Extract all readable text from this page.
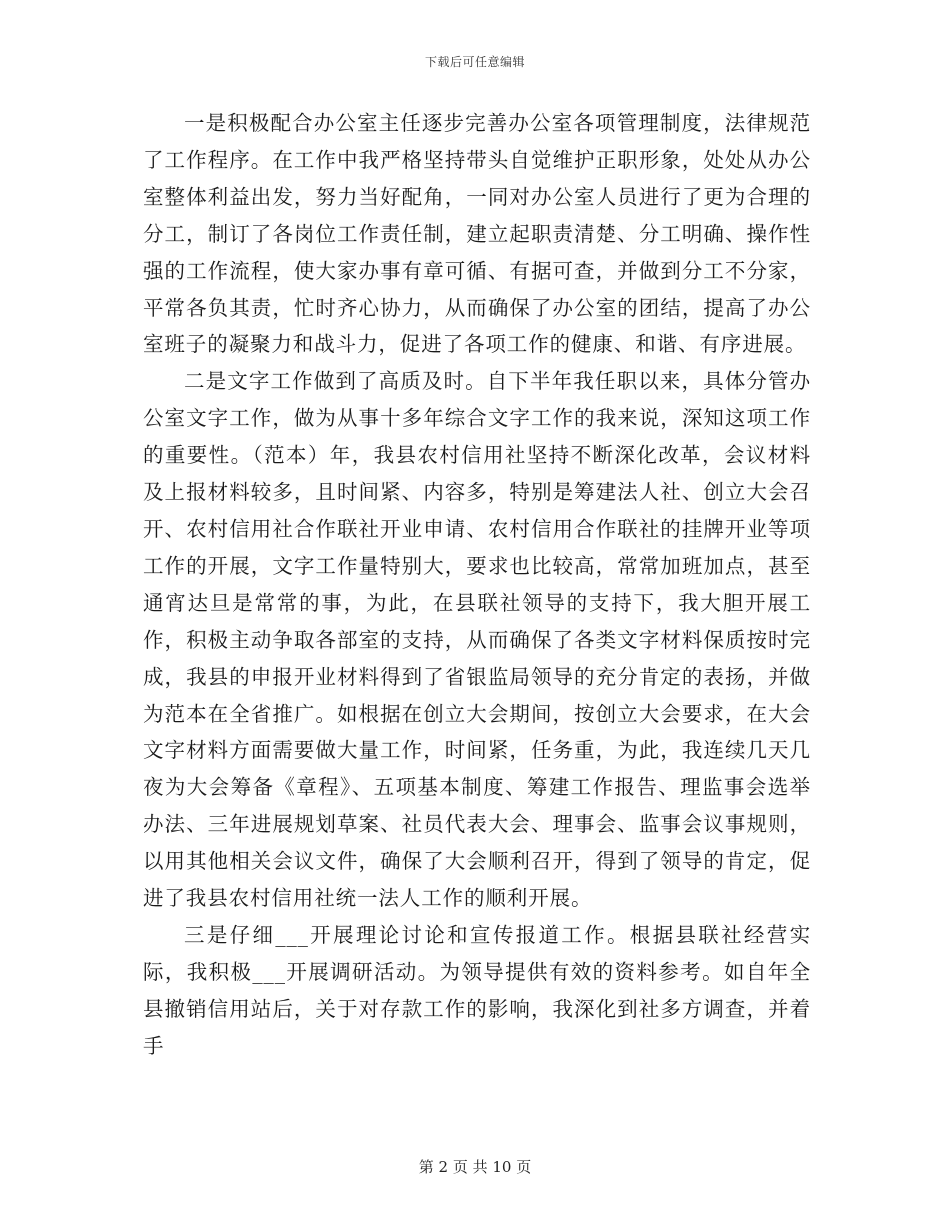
下载后可任意编辑

一是积极配合办公室主任逐步完善办公室各项管理制度，法律规范了工作程序。在工作中我严格坚持带头自觉维护正职形象，处处从办公室整体利益出发，努力当好配角，一同对办公室人员进行了更为合理的分工，制订了各岗位工作责任制，建立起职责清楚、分工明确、操作性强的工作流程，使大家办事有章可循、有据可查，并做到分工不分家，平常各负其责，忙时齐心协力，从而确保了办公室的团结，提高了办公室班子的凝聚力和战斗力，促进了各项工作的健康、和谐、有序进展。

二是文字工作做到了高质及时。自下半年我任职以来，具体分管办公室文字工作，做为从事十多年综合文字工作的我来说，深知这项工作的重要性。（范本）年，我县农村信用社坚持不断深化改革，会议材料及上报材料较多，且时间紧、内容多，特别是筹建法人社、创立大会召开、农村信用社合作联社开业申请、农村信用合作联社的挂牌开业等项工作的开展，文字工作量特别大，要求也比较高，常常加班加点，甚至通宵达旦是常常的事，为此，在县联社领导的支持下，我大胆开展工作，积极主动争取各部室的支持，从而确保了各类文字材料保质按时完成，我县的申报开业材料得到了省银监局领导的充分肯定的表扬，并做为范本在全省推广。如根据在创立大会期间，按创立大会要求，在大会文字材料方面需要做大量工作，时间紧，任务重，为此，我连续几天几夜为大会筹备《章程》、五项基本制度、筹建工作报告、理监事会选举办法、三年进展规划草案、社员代表大会、理事会、监事会议事规则，以用其他相关会议文件，确保了大会顺利召开，得到了领导的肯定，促进了我县农村信用社统一法人工作的顺利开展。

三是仔细___开展理论讨论和宣传报道工作。根据县联社经营实际，我积极___开展调研活动。为领导提供有效的资料参考。如自年全县撤销信用站后，关于对存款工作的影响，我深化到社多方调查，并着手

第 2 页 共 10 页
